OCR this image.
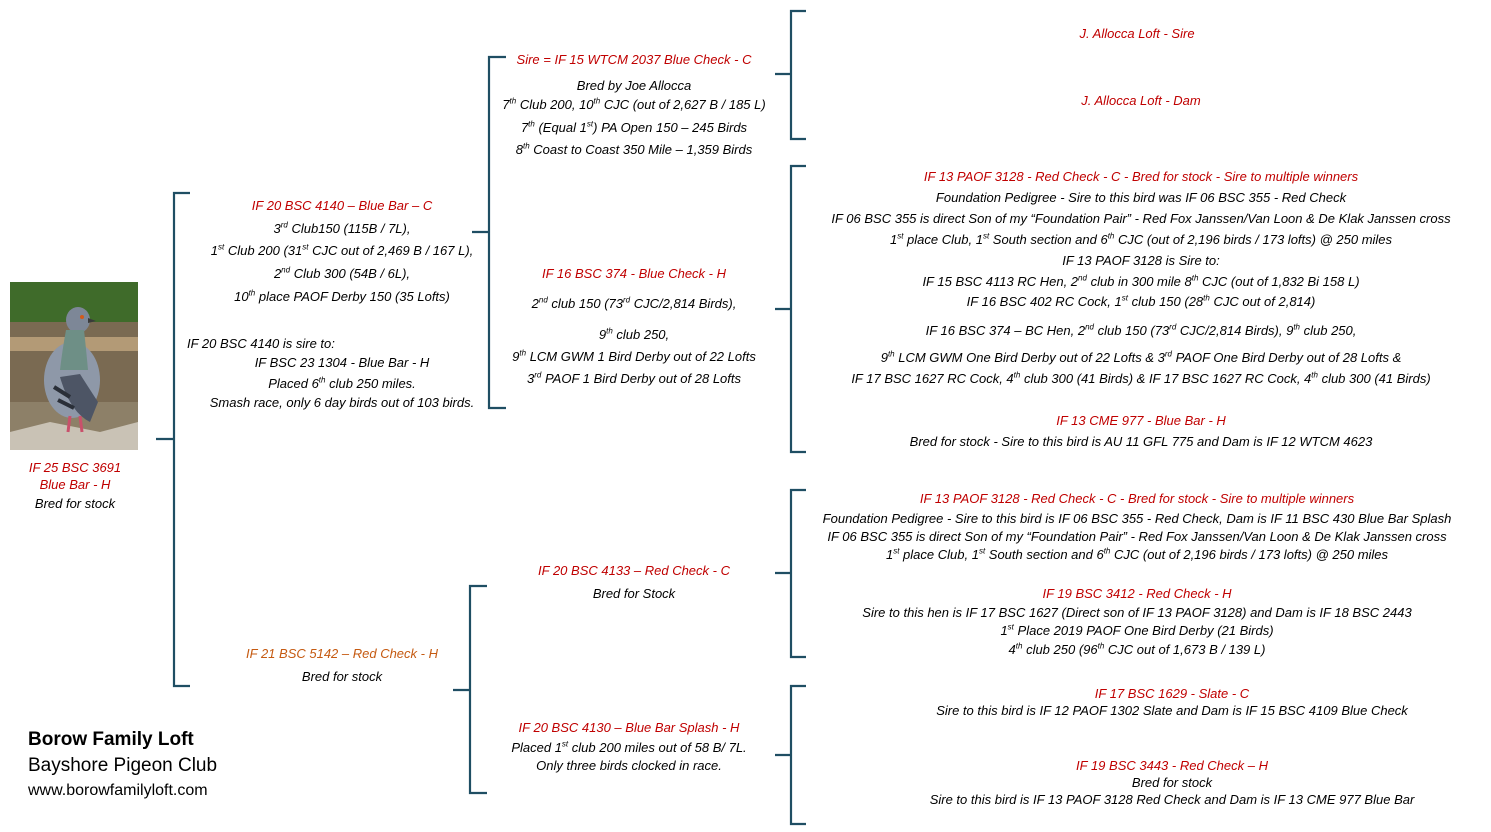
IF 25 BSC 3691
Blue Bar - H
Bred for stock
Borow Family Loft
Bayshore Pigeon Club
www.borowfamilyloft.com
IF 20 BSC 4140 – Blue Bar – C
3rd Club150 (115B / 7L),
1st Club 200 (31st CJC out of 2,469 B / 167 L),
2nd Club 300 (54B / 6L),
10th place PAOF Derby 150 (35 Lofts)
IF 20 BSC 4140 is sire to:
IF BSC 23 1304 - Blue Bar - H
Placed 6th club 250 miles.
Smash race, only 6 day birds out of 103 birds.
IF 21 BSC 5142 – Red Check - H
Bred for stock
Sire = IF 15 WTCM 2037 Blue Check - C
Bred by Joe Allocca
7th Club 200, 10th CJC (out of 2,627 B / 185 L)
7th (Equal 1st) PA Open 150 – 245 Birds
8th Coast to Coast 350 Mile – 1,359 Birds
IF 16 BSC 374 - Blue Check - H
2nd club 150 (73rd CJC/2,814 Birds),
9th club 250,
9th LCM GWM 1 Bird Derby out of 22 Lofts
3rd PAOF 1 Bird Derby out of 28 Lofts
IF 20 BSC 4133 – Red Check - C
Bred for Stock
IF 20 BSC 4130 – Blue Bar Splash - H
Placed 1st club 200 miles out of 58 B/ 7L.
Only three birds clocked in race.
J. Allocca Loft - Sire
J. Allocca Loft - Dam
IF 13 PAOF 3128 - Red Check - C - Bred for stock - Sire to multiple winners
Foundation Pedigree - Sire to this bird was IF 06 BSC 355 - Red Check
IF 06 BSC 355 is direct Son of my “Foundation Pair” - Red Fox Janssen/Van Loon & De Klak Janssen cross
1st place Club, 1st South section and 6th CJC (out of 2,196 birds / 173 lofts) @ 250 miles
IF 13 PAOF 3128 is Sire to:
IF 15 BSC 4113 RC Hen, 2nd club in 300 mile 8th CJC (out of 1,832 Bi 158 L)
IF 16 BSC 402 RC Cock, 1st club 150 (28th CJC out of 2,814)
IF 16 BSC 374 – BC Hen, 2nd club 150 (73rd CJC/2,814 Birds), 9th club 250,
9th LCM GWM One Bird Derby out of 22 Lofts & 3rd PAOF One Bird Derby out of 28 Lofts &
IF 17 BSC 1627 RC Cock, 4th club 300 (41 Birds) & IF 17 BSC 1627 RC Cock, 4th club 300 (41 Birds)
IF 13 CME 977 - Blue Bar - H
Bred for stock - Sire to this bird is AU 11 GFL 775 and Dam is IF 12 WTCM 4623
IF 13 PAOF 3128 - Red Check - C - Bred for stock - Sire to multiple winners
Foundation Pedigree - Sire to this bird is IF 06 BSC 355 - Red Check, Dam is IF 11 BSC 430 Blue Bar Splash
IF 06 BSC 355 is direct Son of my “Foundation Pair” - Red Fox Janssen/Van Loon & De Klak Janssen cross
1st place Club, 1st South section and 6th CJC (out of 2,196 birds / 173 lofts) @ 250 miles
IF 19 BSC 3412 - Red Check - H
Sire to this hen is IF 17 BSC 1627 (Direct son of IF 13 PAOF 3128) and Dam is IF 18 BSC 2443
1st Place 2019 PAOF One Bird Derby (21 Birds)
4th club 250 (96th CJC out of 1,673 B / 139 L)
IF 17 BSC 1629 - Slate - C
Sire to this bird is IF 12 PAOF 1302 Slate and Dam is IF 15 BSC 4109 Blue Check
IF 19 BSC 3443 - Red Check – H
Bred for stock
Sire to this bird is IF 13 PAOF 3128 Red Check and Dam is IF 13 CME 977 Blue Bar
